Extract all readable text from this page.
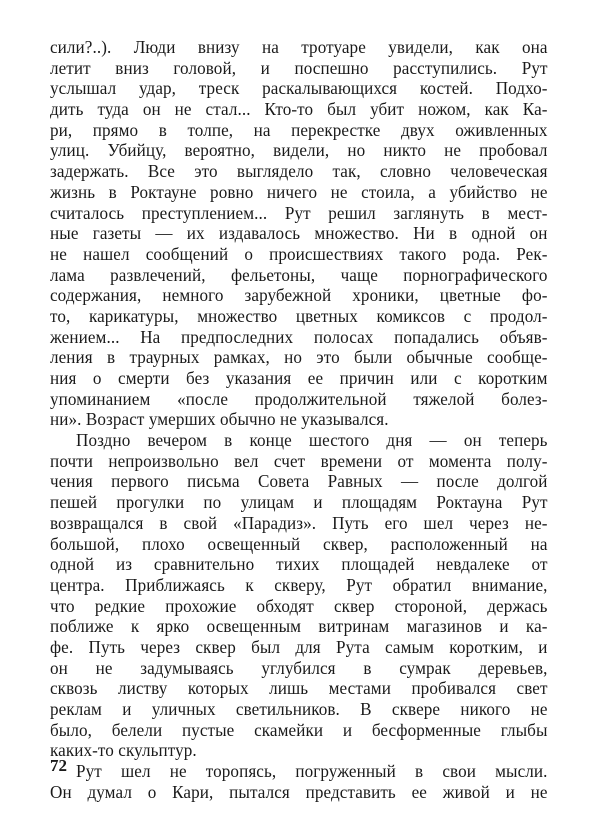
сили?..). Люди внизу на тротуаре увидели, как она
летит вниз головой, и поспешно расступились. Рут
услышал удар, треск раскалывающихся костей. Подхо-
дить туда он не стал... Кто-то был убит ножом, как Ка-
ри, прямо в толпе, на перекрестке двух оживленных
улиц. Убийцу, вероятно, видели, но никто не пробовал
задержать. Все это выглядело так, словно человеческая
жизнь в Роктауне ровно ничего не стоила, а убийство не
считалось преступлением... Рут решил заглянуть в мест-
ные газеты — их издавалось множество. Ни в одной он
не нашел сообщений о происшествиях такого рода. Рек-
лама развлечений, фельетоны, чаще порнографического
содержания, немного зарубежной хроники, цветные фо-
то, карикатуры, множество цветных комиксов с продол-
жением... На предпоследних полосах попадались объяв-
ления в траурных рамках, но это были обычные сообще-
ния о смерти без указания ее причин или с коротким
упоминанием «после продолжительной тяжелой болез-
ни». Возраст умерших обычно не указывался.
Поздно вечером в конце шестого дня — он теперь
почти непроизвольно вел счет времени от момента полу-
чения первого письма Совета Равных — после долгой
пешей прогулки по улицам и площадям Роктауна Рут
возвращался в свой «Парадиз». Путь его шел через не-
большой, плохо освещенный сквер, расположенный на
одной из сравнительно тихих площадей невдалеке от
центра. Приближаясь к скверу, Рут обратил внимание,
что редкие прохожие обходят сквер стороной, держась
поближе к ярко освещенным витринам магазинов и ка-
фе. Путь через сквер был для Рута самым коротким, и
он не задумываясь углубился в сумрак деревьев,
сквозь листву которых лишь местами пробивался свет
реклам и уличных светильников. В сквере никого не
было, белели пустые скамейки и бесформенные глыбы
каких-то скульптур.
Рут шел не торопясь, погруженный в свои мысли.
Он думал о Кари, пытался представить ее живой и не
72
